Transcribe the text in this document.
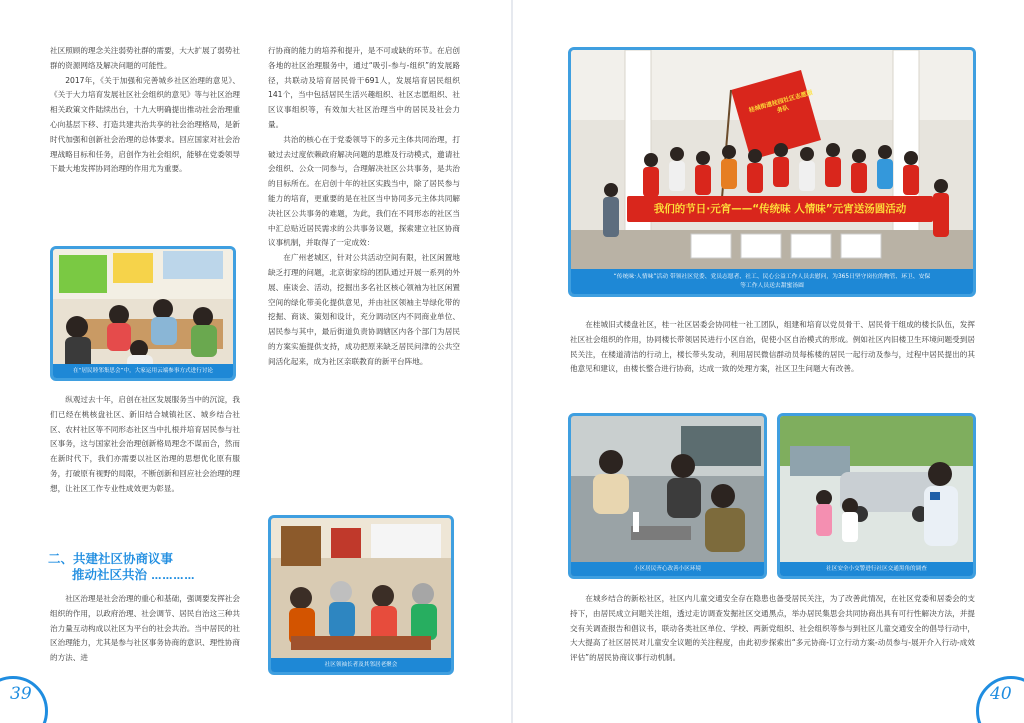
社区照顾的理念关注弱势社群的需要，大大扩展了弱势社群的资源网络及解决问题的可能性。

2017年，《关于加强和完善城乡社区治理的意见》、《关于大力培育发展社区社会组织的意见》等与社区治理相关政策文件陆续出台，十九大明确提出推动社会治理重心向基层下移、打造共建共治共享的社会治理格局，是新时代加强和创新社会治理的总体要求。回应国家对社会治理战略目标和任务，启创作为社会组织，能够在党委领导下最大地发挥协同治理的作用尤为重要。

在“居民睦邻集思会”中，大家运用云端参事方式进行讨论

纵观过去十年，启创在社区发展服务当中的沉淀，我们已经在桃核盘社区、新旧结合城镇社区、城乡结合社区、农村社区等不同形态社区当中扎根并培育居民参与社区事务，这与国家社会治理创新格局理念不谋而合，然而在新时代下，我们亦需要以社区治理的思想优化原有服务，打破原有视野的局限，不断创新和回应社会治理的理想，让社区工作专业性成效更为彰显。

二、共建社区协商议事
推动社区共治 …………

社区治理是社会治理的重心和基础，强调要发挥社会组织的作用，以政府治理、社会调节、居民自治这三种共治力量互动构成以社区为平台的社会共治。当中居民的社区治理能力，尤其是参与社区事务协商的意识、理性协商的方法、进

行协商的能力的培养和提升，是不可或缺的环节。在启创各地的社区治理服务中，通过“吸引-参与-组织”的发展路径，共联动及培育居民骨干691人，发展培育居民组织141个，当中包括居民生活兴趣组织、社区志愿组织、社区议事组织等，有效加大社区治理当中的居民及社会力量。

共治的核心在于党委领导下的多元主体共同治理，打破过去过度依赖政府解决问题的思维及行动模式，邀请社会组织、公众一同参与，合理解决社区公共事务，是共治的目标所在。在启创十年的社区实践当中，除了居民参与能力的培育，更重要的是在社区当中协同多元主体共同解决社区公共事务的难题，为此，我们在不同形态的社区当中汇总贴近居民需求的公共事务议题，探索建立社区协商议事机制，并取得了一定成效：

在广州老城区，针对公共活动空间有限，社区闲置地缺乏打理的问题，北京街家综的团队通过开展一系列的外展、座谈会、活动，挖掘出多名社区核心领袖为社区闲置空间的绿化带美化提供意见，并由社区领袖主导绿化带的挖掘、商谈、策划和设计，充分调动区内不同商业单位、居民参与其中，最后街道负责协调辖区内各个部门为居民的方案实施提供支持，成功把原来缺乏居民问津的公共空间活化起来，成为社区亲联教育的新平台阵地。

社区领袖长者及其邻居老聚会
39
桂城街道桂园社区志愿服务队
我们的节日·元宵——“传统味 人情味”元宵送汤圆活动
“传统味·人情味”活动 带领社区党委、党员志愿者、社工、民心公益工作人员去慰问，为365日坚守岗位的物管、环卫、安保等工作人员送去甜蜜汤圆

在桂城旧式楼盘社区，桂一社区居委会协同桂一社工团队，组建和培育以党员骨干、居民骨干组成的楼长队伍，发挥社区社会组织的作用，协同楼长带领居民进行小区自治，促使小区自治模式的形成。例如社区内旧楼卫生环境问题受到居民关注，在楼道清洁的行动上，楼长带头发动，利用居民微信群动员每栋楼的居民一起行动及参与，过程中居民提出的其他意见和建议，由楼长整合进行协商，达成一致的处理方案，社区卫生问题大有改善。

小区居民齐心改善小区环境	社区安全小交警进行社区交通黑角的调查

在城乡结合的新松社区，社区内儿童交通安全存在隐患也备受居民关注，为了改善此情况，在社区党委和居委会的支持下，由居民成立问题关注组，透过走访调查发掘社区交通黑点，举办居民集思会共同协商出具有可行性解决方法，并提交有关调查报告和倡议书，联动各类社区单位、学校、两新党组织、社会组织等参与到社区儿童交通安全的倡导行动中，大大提高了社区居民对儿童安全议题的关注程度，由此初步探索出“多元协商-订立行动方案-动员参与-展开介入行动-成效评估”的居民协商议事行动机制。

40
